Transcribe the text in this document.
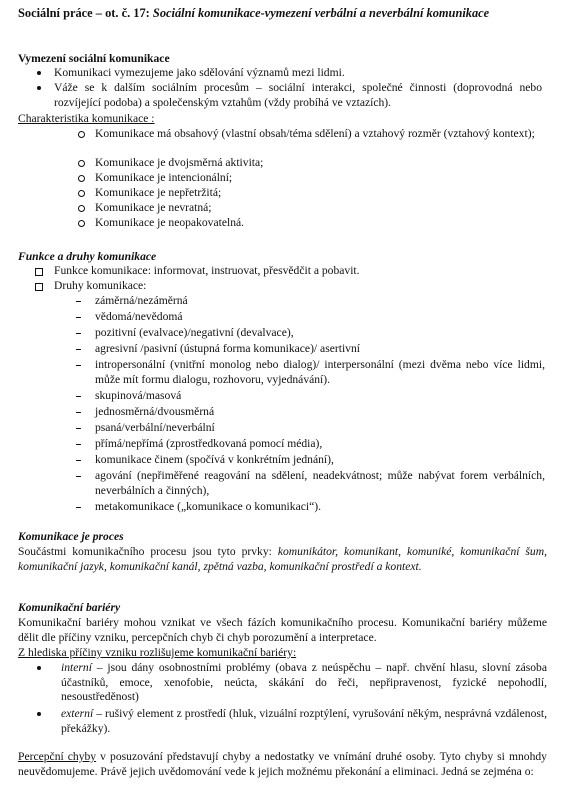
Sociální práce – ot. č. 17: Sociální komunikace-vymezení verbální a neverbální komunikace
Vymezení sociální komunikace
Komunikaci vymezujeme jako sdělování významů mezi lidmi.
Váže se k dalším sociálním procesům – sociální interakci, společné činnosti (doprovodná nebo rozvíjející podoba) a společenským vztahům (vždy probíhá ve vztazích).
Charakteristika komunikace :
Komunikace má obsahový (vlastní obsah/téma sdělení) a vztahový rozměr (vztahový kontext);
Komunikace je dvojsměrná aktivita;
Komunikace je intencionální;
Komunikace je nepřetržitá;
Komunikace je nevratná;
Komunikace je neopakovatelná.
Funkce a druhy komunikace
Funkce komunikace: informovat, instruovat, přesvědčit a pobavit.
Druhy komunikace:
záměrná/nezáměrná
vědomá/nevědomá
pozitivní (evalvace)/negativní (devalvace),
agresivní /pasivní (ústupná forma komunikace)/ asertivní
intropersonální (vnitřní monolog nebo dialog)/ interpersonální (mezi dvěma nebo více lidmi, může mít formu dialogu, rozhovoru, vyjednávání).
skupinová/masová
jednosměrná/dvousměrná
psaná/verbální/neverbální
přímá/nepřímá (zprostředkovaná pomocí média),
komunikace činem (spočívá v konkrétním jednání),
agování (nepřiměřené reagování na sdělení, neadekvátnost; může nabývat forem verbálních, neverbálních a činných),
metakomunikace („komunikace o komunikaci“).
Komunikace je proces
Součástmi komunikačního procesu jsou tyto prvky: komunikátor, komunikant, komuniké, komunikační šum, komunikační jazyk, komunikační kanál, zpětná vazba, komunikační prostředí a kontext.
Komunikační bariéry
Komunikační bariéry mohou vznikat ve všech fázích komunikačního procesu. Komunikační bariéry můžeme dělit dle příčiny vzniku, percepčních chyb či chyb porozumění a interpretace.
Z hlediska příčiny vzniku rozlišujeme komunikační bariéry:
interní – jsou dány osobnostními problémy (obava z neúspěchu – např. chvění hlasu, slovní zásoba účastníků, emoce, xenofobie, neúcta, skákání do řeči, nepřipravenost, fyzické nepohodlí, nesoustředěnost)
externí – rušivý element z prostředí (hluk, vizuální rozptýlení, vyrušování někým, nesprávná vzdálenost, překážky).
Percepční chyby v posuzování představují chyby a nedostatky ve vnímání druhé osoby. Tyto chyby si mnohdy neuvědomujeme. Právě jejich uvědomování vede k jejich možnému překonání a eliminaci. Jedná se zejména o:
